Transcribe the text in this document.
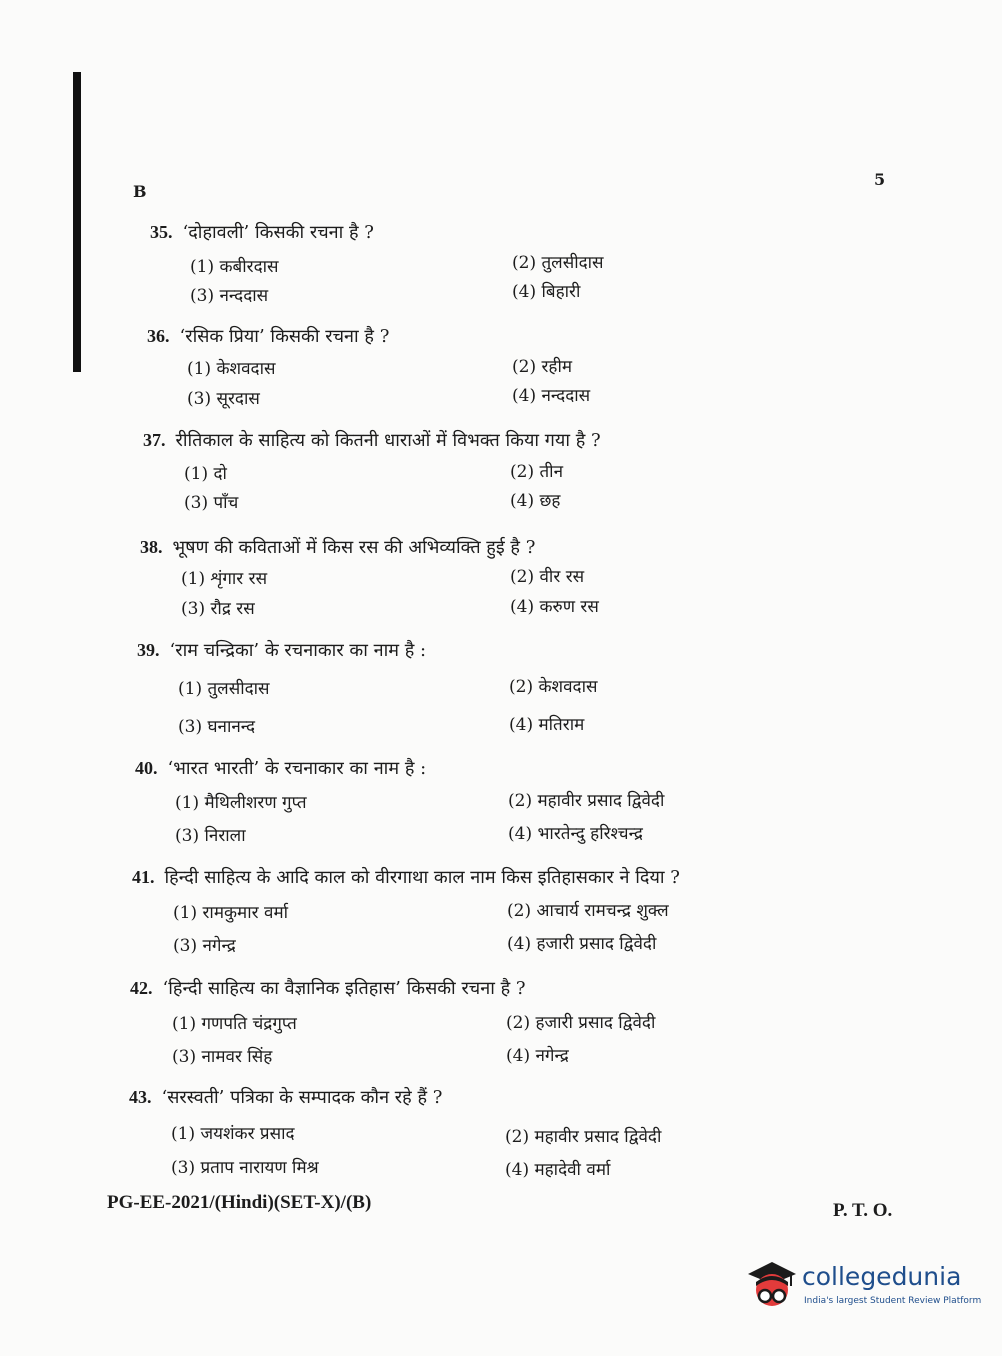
B
5
35. ‘दोहावली’ किसकी रचना है ?
(1) कबीरदास	(2) तुलसीदास
(3) नन्ददास	(4) बिहारी
36. ‘रसिक प्रिया’ किसकी रचना है ?
(1) केशवदास	(2) रहीम
(3) सूरदास	(4) नन्ददास
37. रीतिकाल के साहित्य को कितनी धाराओं में विभक्त किया गया है ?
(1) दो	(2) तीन
(3) पाँच	(4) छह
38. भूषण की कविताओं में किस रस की अभिव्यक्ति हुई है ?
(1) शृंगार रस	(2) वीर रस
(3) रौद्र रस	(4) करुण रस
39. ‘राम चन्द्रिका’ के रचनाकार का नाम है :
(1) तुलसीदास	(2) केशवदास
(3) घनानन्द	(4) मतिराम
40. ‘भारत भारती’ के रचनाकार का नाम है :
(1) मैथिलीशरण गुप्त	(2) महावीर प्रसाद द्विवेदी
(3) निराला	(4) भारतेन्दु हरिश्चन्द्र
41. हिन्दी साहित्य के आदि काल को वीरगाथा काल नाम किस इतिहासकार ने दिया ?
(1) रामकुमार वर्मा	(2) आचार्य रामचन्द्र शुक्ल
(3) नगेन्द्र	(4) हजारी प्रसाद द्विवेदी
42. ‘हिन्दी साहित्य का वैज्ञानिक इतिहास’ किसकी रचना है ?
(1) गणपति चंद्रगुप्त	(2) हजारी प्रसाद द्विवेदी
(3) नामवर सिंह	(4) नगेन्द्र
43. ‘सरस्वती’ पत्रिका के सम्पादक कौन रहे हैं ?
(1) जयशंकर प्रसाद	(2) महावीर प्रसाद द्विवेदी
(3) प्रताप नारायण मिश्र	(4) महादेवी वर्मा
PG-EE-2021/(Hindi)(SET-X)/(B)	P. T. O.
collegedunia
India's largest Student Review Platform
